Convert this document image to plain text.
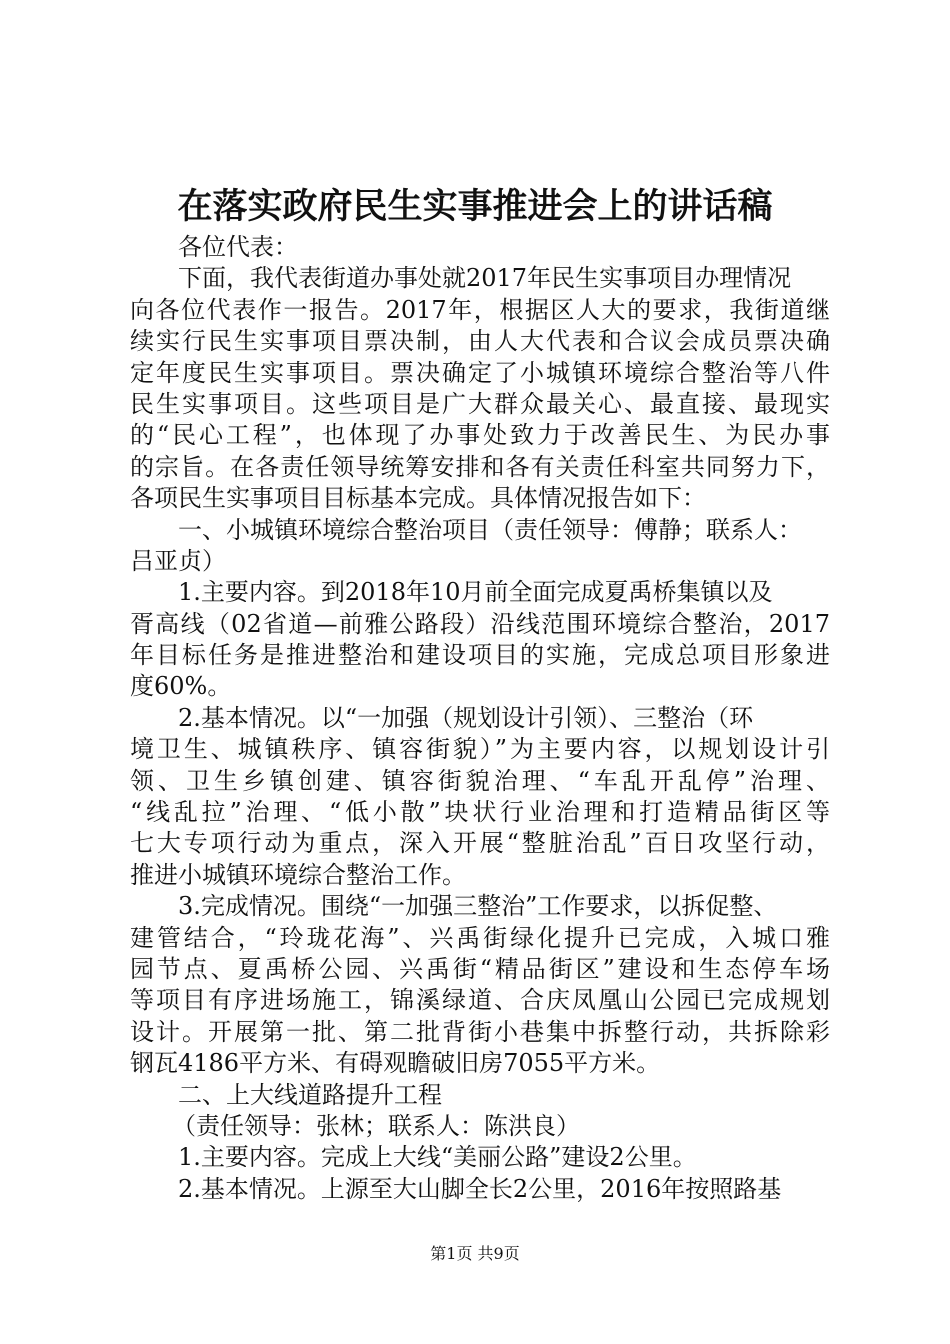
在落实政府民生实事推进会上的讲话稿
各位代表：
下面，我代表街道办事处就2017年民生实事项目办理情况
向各位代表作一报告。2017年，根据区人大的要求，我街道继
续实行民生实事项目票决制，由人大代表和合议会成员票决确
定年度民生实事项目。票决确定了小城镇环境综合整治等八件
民生实事项目。这些项目是广大群众最关心、最直接、最现实
的“民心工程”，也体现了办事处致力于改善民生、为民办事
的宗旨。在各责任领导统筹安排和各有关责任科室共同努力下，
各项民生实事项目目标基本完成。具体情况报告如下：
一、小城镇环境综合整治项目（责任领导：傅静；联系人：
吕亚贞）
1.主要内容。到2018年10月前全面完成夏禹桥集镇以及
胥高线（02省道—前雅公路段）沿线范围环境综合整治，2017
年目标任务是推进整治和建设项目的实施，完成总项目形象进
度60%。
2.基本情况。以“一加强（规划设计引领）、三整治（环
境卫生、城镇秩序、镇容街貌）”为主要内容，以规划设计引
领、卫生乡镇创建、镇容街貌治理、“车乱开乱停”治理、
“线乱拉”治理、“低小散”块状行业治理和打造精品街区等
七大专项行动为重点，深入开展“整脏治乱”百日攻坚行动，
推进小城镇环境综合整治工作。
3.完成情况。围绕“一加强三整治”工作要求，以拆促整、
建管结合，“玲珑花海”、兴禹街绿化提升已完成，入城口雅
园节点、夏禹桥公园、兴禹街“精品街区”建设和生态停车场
等项目有序进场施工，锦溪绿道、合庆凤凰山公园已完成规划
设计。开展第一批、第二批背街小巷集中拆整行动，共拆除彩
钢瓦4186平方米、有碍观瞻破旧房7055平方米。
二、上大线道路提升工程
（责任领导：张林；联系人：陈洪良）
1.主要内容。完成上大线“美丽公路”建设2公里。
2.基本情况。上源至大山脚全长2公里，2016年按照路基
第1页 共9页
